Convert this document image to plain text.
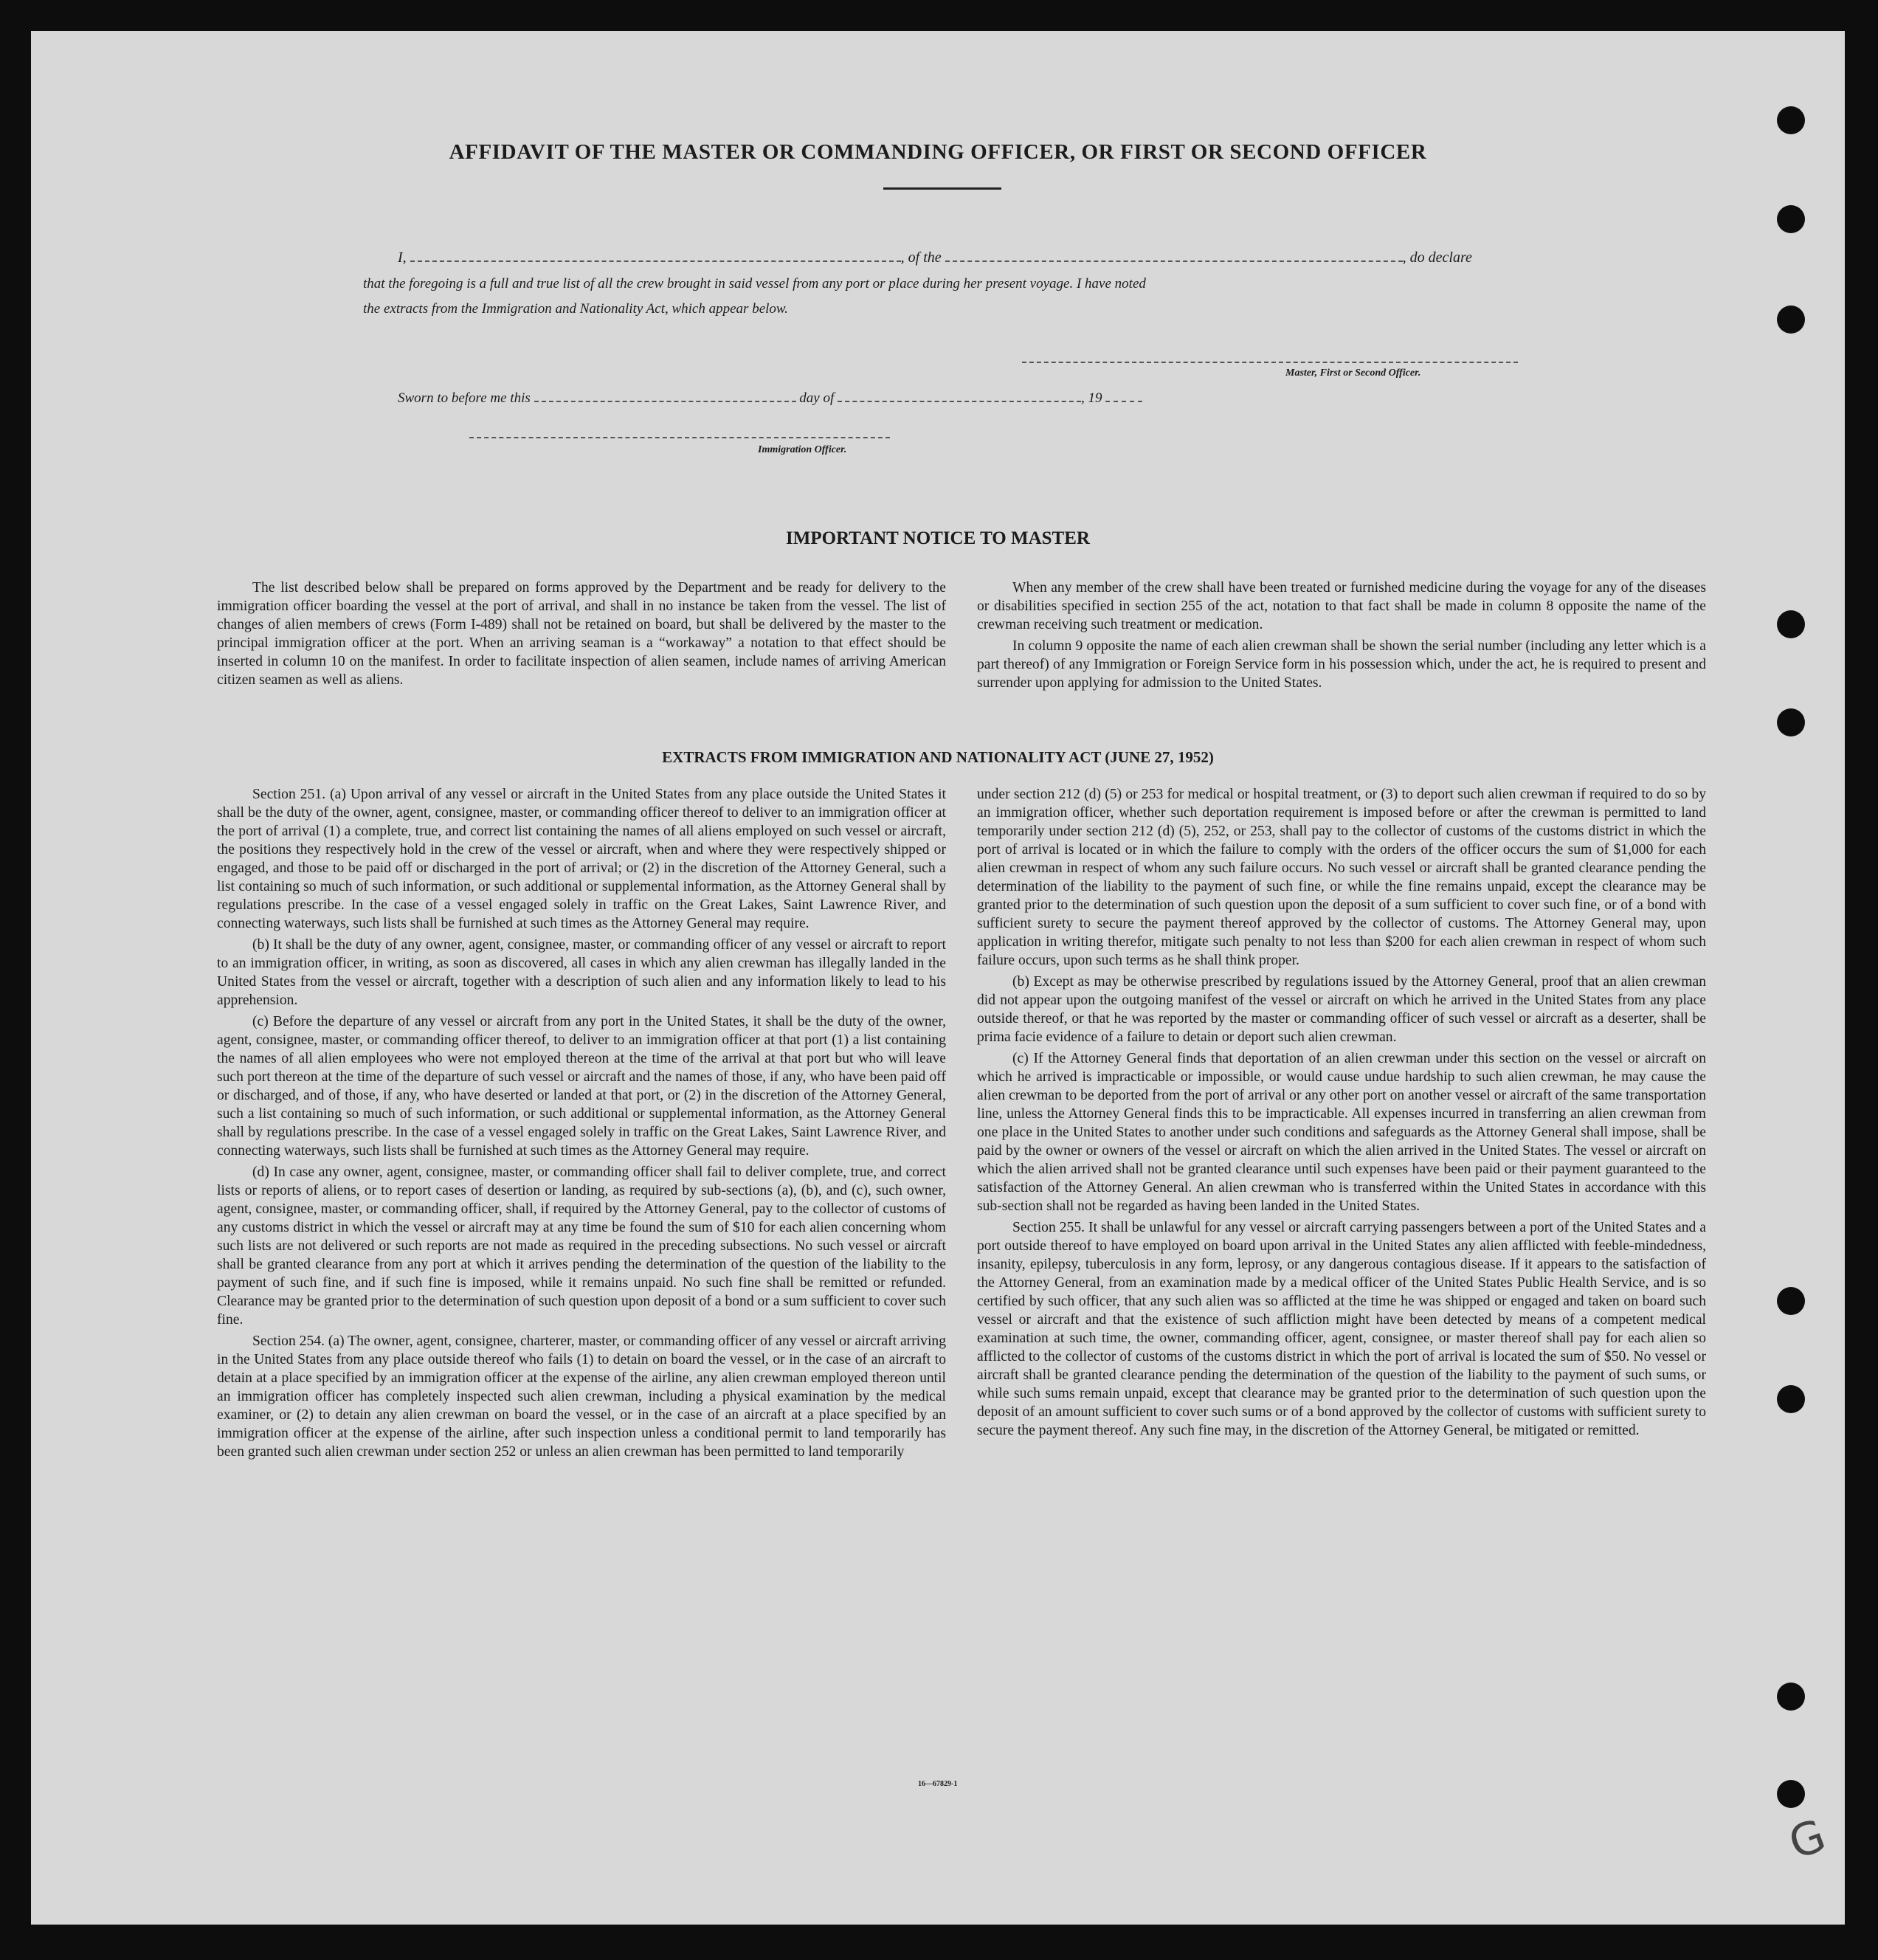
AFFIDAVIT OF THE MASTER OR COMMANDING OFFICER, OR FIRST OR SECOND OFFICER
I,	, of the	, do declare
that the foregoing is a full and true list of all the crew brought in said vessel from any port or place during her present voyage. I have noted
the extracts from the Immigration and Nationality Act, which appear below.
Master, First or Second Officer.
Sworn to before me this	day of	, 19
Immigration Officer.
IMPORTANT NOTICE TO MASTER

The list described below shall be prepared on forms approved by the Department and be ready for delivery to the immigration officer boarding the vessel at the port of arrival, and shall in no instance be taken from the vessel. The list of changes of alien members of crews (Form I-489) shall not be retained on board, but shall be delivered by the master to the principal immigration officer at the port. When an arriving seaman is a “workaway” a notation to that effect should be inserted in column 10 on the manifest. In order to facilitate inspection of alien seamen, include names of arriving American citizen seamen as well as aliens.

When any member of the crew shall have been treated or furnished medicine during the voyage for any of the diseases or disabilities specified in section 255 of the act, notation to that fact shall be made in column 8 opposite the name of the crewman receiving such treatment or medication.

In column 9 opposite the name of each alien crewman shall be shown the serial number (including any letter which is a part thereof) of any Immigration or Foreign Service form in his possession which, under the act, he is required to present and surrender upon applying for admission to the United States.

EXTRACTS FROM IMMIGRATION AND NATIONALITY ACT (JUNE 27, 1952)

Section 251. (a) Upon arrival of any vessel or aircraft in the United States from any place outside the United States it shall be the duty of the owner, agent, consignee, master, or commanding officer thereof to deliver to an immigration officer at the port of arrival (1) a complete, true, and correct list containing the names of all aliens employed on such vessel or aircraft, the positions they respectively hold in the crew of the vessel or aircraft, when and where they were respectively shipped or engaged, and those to be paid off or discharged in the port of arrival; or (2) in the discretion of the Attorney General, such a list containing so much of such information, or such additional or supplemental information, as the Attorney General shall by regulations prescribe. In the case of a vessel engaged solely in traffic on the Great Lakes, Saint Lawrence River, and connecting waterways, such lists shall be furnished at such times as the Attorney General may require.

(b) It shall be the duty of any owner, agent, consignee, master, or commanding officer of any vessel or aircraft to report to an immigration officer, in writing, as soon as discovered, all cases in which any alien crewman has illegally landed in the United States from the vessel or aircraft, together with a description of such alien and any information likely to lead to his apprehension.

(c) Before the departure of any vessel or aircraft from any port in the United States, it shall be the duty of the owner, agent, consignee, master, or commanding officer thereof, to deliver to an immigration officer at that port (1) a list containing the names of all alien employees who were not employed thereon at the time of the arrival at that port but who will leave such port thereon at the time of the departure of such vessel or aircraft and the names of those, if any, who have been paid off or discharged, and of those, if any, who have deserted or landed at that port, or (2) in the discretion of the Attorney General, such a list containing so much of such information, or such additional or supplemental information, as the Attorney General shall by regulations prescribe. In the case of a vessel engaged solely in traffic on the Great Lakes, Saint Lawrence River, and connecting waterways, such lists shall be furnished at such times as the Attorney General may require.

(d) In case any owner, agent, consignee, master, or commanding officer shall fail to deliver complete, true, and correct lists or reports of aliens, or to report cases of desertion or landing, as required by sub-sections (a), (b), and (c), such owner, agent, consignee, master, or commanding officer, shall, if required by the Attorney General, pay to the collector of customs of any customs district in which the vessel or aircraft may at any time be found the sum of $10 for each alien concerning whom such lists are not delivered or such reports are not made as required in the preceding subsections. No such vessel or aircraft shall be granted clearance from any port at which it arrives pending the determination of the question of the liability to the payment of such fine, and if such fine is imposed, while it remains unpaid. No such fine shall be remitted or refunded. Clearance may be granted prior to the determination of such question upon deposit of a bond or a sum sufficient to cover such fine.

Section 254. (a) The owner, agent, consignee, charterer, master, or commanding officer of any vessel or aircraft arriving in the United States from any place outside thereof who fails (1) to detain on board the vessel, or in the case of an aircraft to detain at a place specified by an immigration officer at the expense of the airline, any alien crewman employed thereon until an immigration officer has completely inspected such alien crewman, including a physical examination by the medical examiner, or (2) to detain any alien crewman on board the vessel, or in the case of an aircraft at a place specified by an immigration officer at the expense of the airline, after such inspection unless a conditional permit to land temporarily has been granted such alien crewman under section 252 or unless an alien crewman has been permitted to land temporarily

under section 212 (d) (5) or 253 for medical or hospital treatment, or (3) to deport such alien crewman if required to do so by an immigration officer, whether such deportation requirement is imposed before or after the crewman is permitted to land temporarily under section 212 (d) (5), 252, or 253, shall pay to the collector of customs of the customs district in which the port of arrival is located or in which the failure to comply with the orders of the officer occurs the sum of $1,000 for each alien crewman in respect of whom any such failure occurs. No such vessel or aircraft shall be granted clearance pending the determination of the liability to the payment of such fine, or while the fine remains unpaid, except the clearance may be granted prior to the determination of such question upon the deposit of a sum sufficient to cover such fine, or of a bond with sufficient surety to secure the payment thereof approved by the collector of customs. The Attorney General may, upon application in writing therefor, mitigate such penalty to not less than $200 for each alien crewman in respect of whom such failure occurs, upon such terms as he shall think proper.

(b) Except as may be otherwise prescribed by regulations issued by the Attorney General, proof that an alien crewman did not appear upon the outgoing manifest of the vessel or aircraft on which he arrived in the United States from any place outside thereof, or that he was reported by the master or commanding officer of such vessel or aircraft as a deserter, shall be prima facie evidence of a failure to detain or deport such alien crewman.

(c) If the Attorney General finds that deportation of an alien crewman under this section on the vessel or aircraft on which he arrived is impracticable or impossible, or would cause undue hardship to such alien crewman, he may cause the alien crewman to be deported from the port of arrival or any other port on another vessel or aircraft of the same transportation line, unless the Attorney General finds this to be impracticable. All expenses incurred in transferring an alien crewman from one place in the United States to another under such conditions and safeguards as the Attorney General shall impose, shall be paid by the owner or owners of the vessel or aircraft on which the alien arrived in the United States. The vessel or aircraft on which the alien arrived shall not be granted clearance until such expenses have been paid or their payment guaranteed to the satisfaction of the Attorney General. An alien crewman who is transferred within the United States in accordance with this sub-section shall not be regarded as having been landed in the United States.

Section 255. It shall be unlawful for any vessel or aircraft carrying passengers between a port of the United States and a port outside thereof to have employed on board upon arrival in the United States any alien afflicted with feeble-mindedness, insanity, epilepsy, tuberculosis in any form, leprosy, or any dangerous contagious disease. If it appears to the satisfaction of the Attorney General, from an examination made by a medical officer of the United States Public Health Service, and is so certified by such officer, that any such alien was so afflicted at the time he was shipped or engaged and taken on board such vessel or aircraft and that the existence of such affliction might have been detected by means of a competent medical examination at such time, the owner, commanding officer, agent, consignee, or master thereof shall pay for each alien so afflicted to the collector of customs of the customs district in which the port of arrival is located the sum of $50. No vessel or aircraft shall be granted clearance pending the determination of the question of the liability to the payment of such sums, or while such sums remain unpaid, except that clearance may be granted prior to the determination of such question upon the deposit of an amount sufficient to cover such sums or of a bond approved by the collector of customs with sufficient surety to secure the payment thereof. Any such fine may, in the discretion of the Attorney General, be mitigated or remitted.

16—67829-1
G
